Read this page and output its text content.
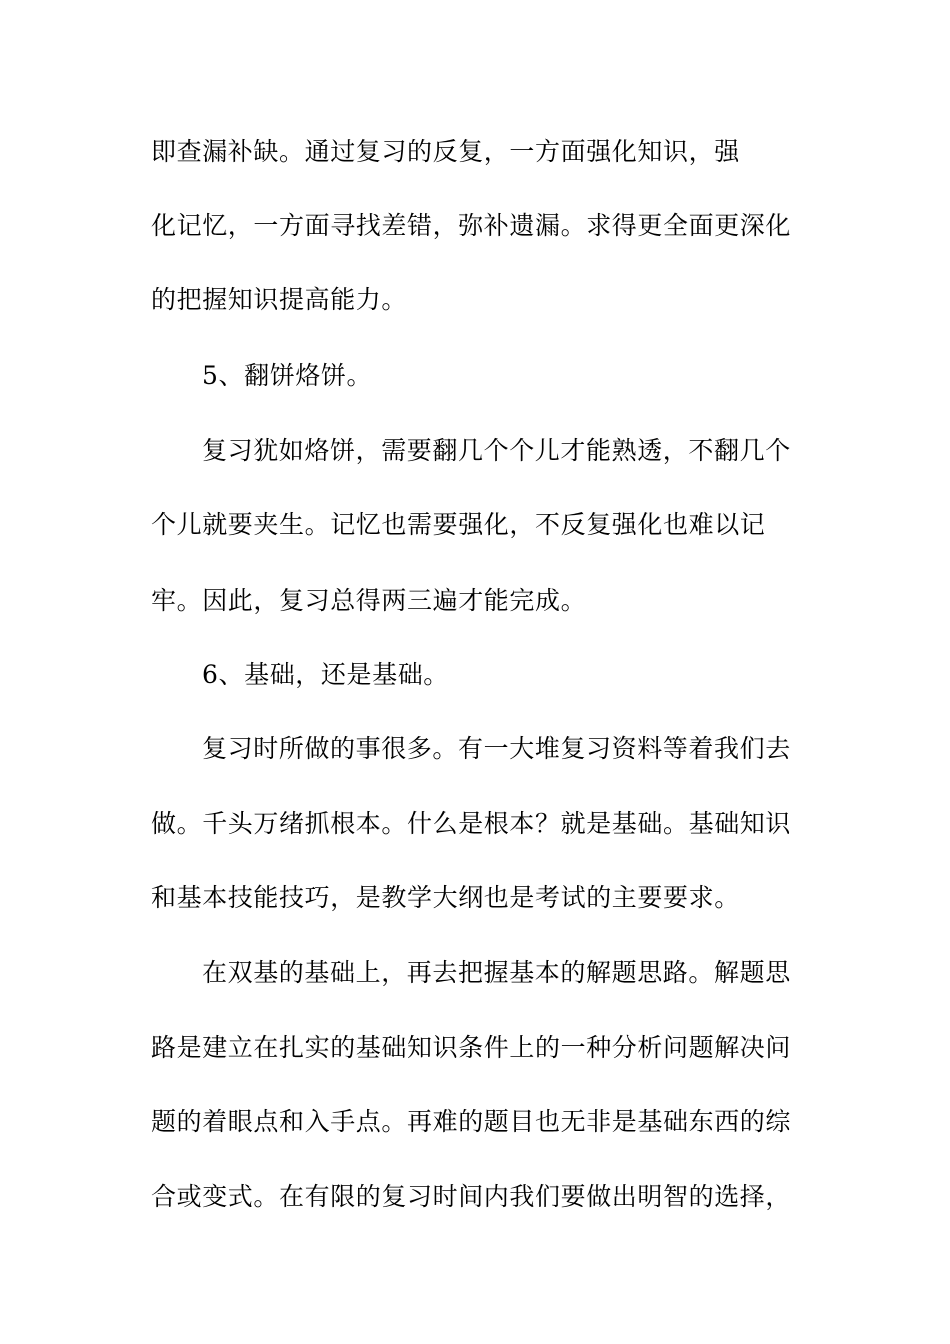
即查漏补缺。通过复习的反复，一方面强化知识，强
化记忆，一方面寻找差错，弥补遗漏。求得更全面更深化
的把握知识提高能力。
5、翻饼烙饼。
复习犹如烙饼，需要翻几个个儿才能熟透，不翻几个
个儿就要夹生。记忆也需要强化，不反复强化也难以记
牢。因此，复习总得两三遍才能完成。
6、基础，还是基础。
复习时所做的事很多。有一大堆复习资料等着我们去
做。千头万绪抓根本。什么是根本？就是基础。基础知识
和基本技能技巧，是教学大纲也是考试的主要要求。
在双基的基础上，再去把握基本的解题思路。解题思
路是建立在扎实的基础知识条件上的一种分析问题解决问
题的着眼点和入手点。再难的题目也无非是基础东西的综
合或变式。在有限的复习时间内我们要做出明智的选择，
